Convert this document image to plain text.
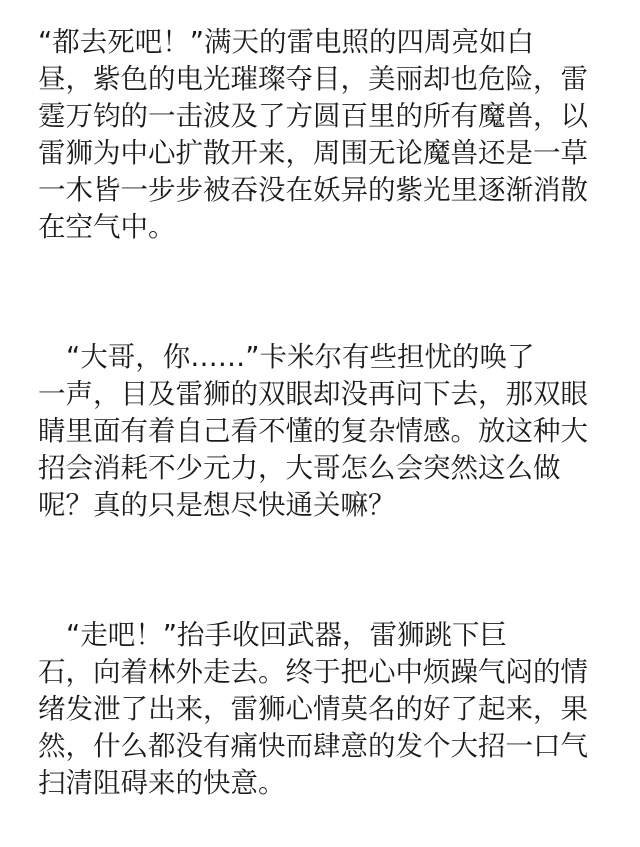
“都去死吧！”满天的雷电照的四周亮如白
昼，紫色的电光璀璨夺目，美丽却也危险，雷
霆万钧的一击波及了方圆百里的所有魔兽，以
雷狮为中心扩散开来，周围无论魔兽还是一草
一木皆一步步被吞没在妖异的紫光里逐渐消散
在空气中。
“大哥，你……”卡米尔有些担忧的唤了
一声，目及雷狮的双眼却没再问下去，那双眼
睛里面有着自己看不懂的复杂情感。放这种大
招会消耗不少元力，大哥怎么会突然这么做
呢？真的只是想尽快通关嘛？
“走吧！”抬手收回武器，雷狮跳下巨
石，向着林外走去。终于把心中烦躁气闷的情
绪发泄了出来，雷狮心情莫名的好了起来，果
然，什么都没有痛快而肆意的发个大招一口气
扫清阻碍来的快意。
